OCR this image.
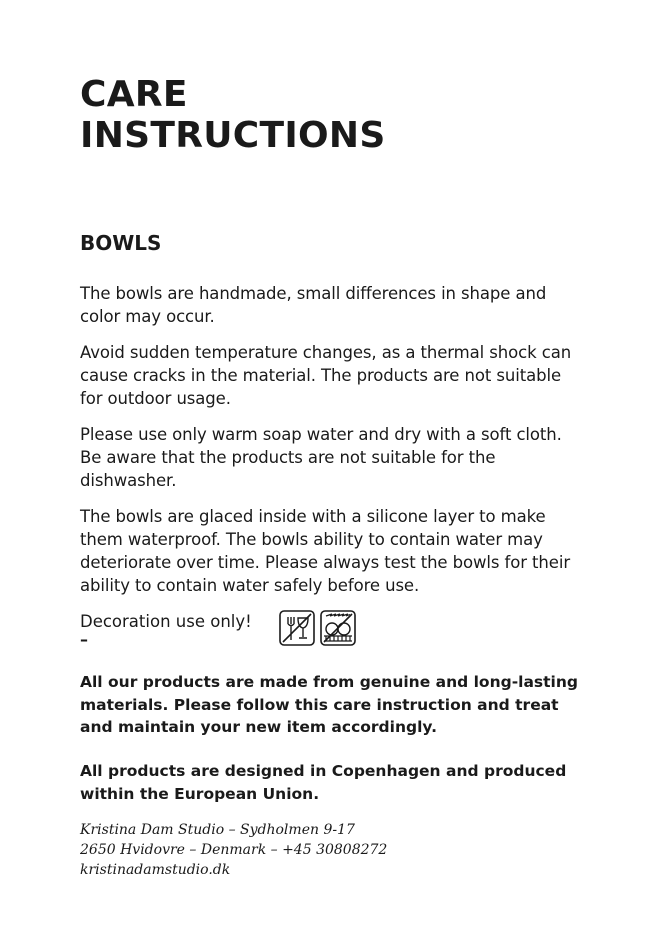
CARE INSTRUCTIONS
BOWLS

The bowls are handmade, small differences in shape and color may occur.

Avoid sudden temperature changes, as a thermal shock can cause cracks in the material. The products are not suitable for outdoor usage.

Please use only warm soap water and dry with a soft cloth. Be aware that the products are not suitable for the dishwasher.

The bowls are glaced inside with a silicone layer to make them waterproof. The bowls ability to contain water may deteriorate over time. Please always test the bowls for their ability to contain water safely before use.

Decoration use only!
–

All our products are made from genuine and long-lasting materials. Please follow this care instruction and treat and maintain your new item accordingly.

All products are designed in Copenhagen and produced within the European Union.

Kristina Dam Studio – Sydholmen 9-17
2650 Hvidovre – Denmark – +45 30808272
kristinadamstudio.dk
